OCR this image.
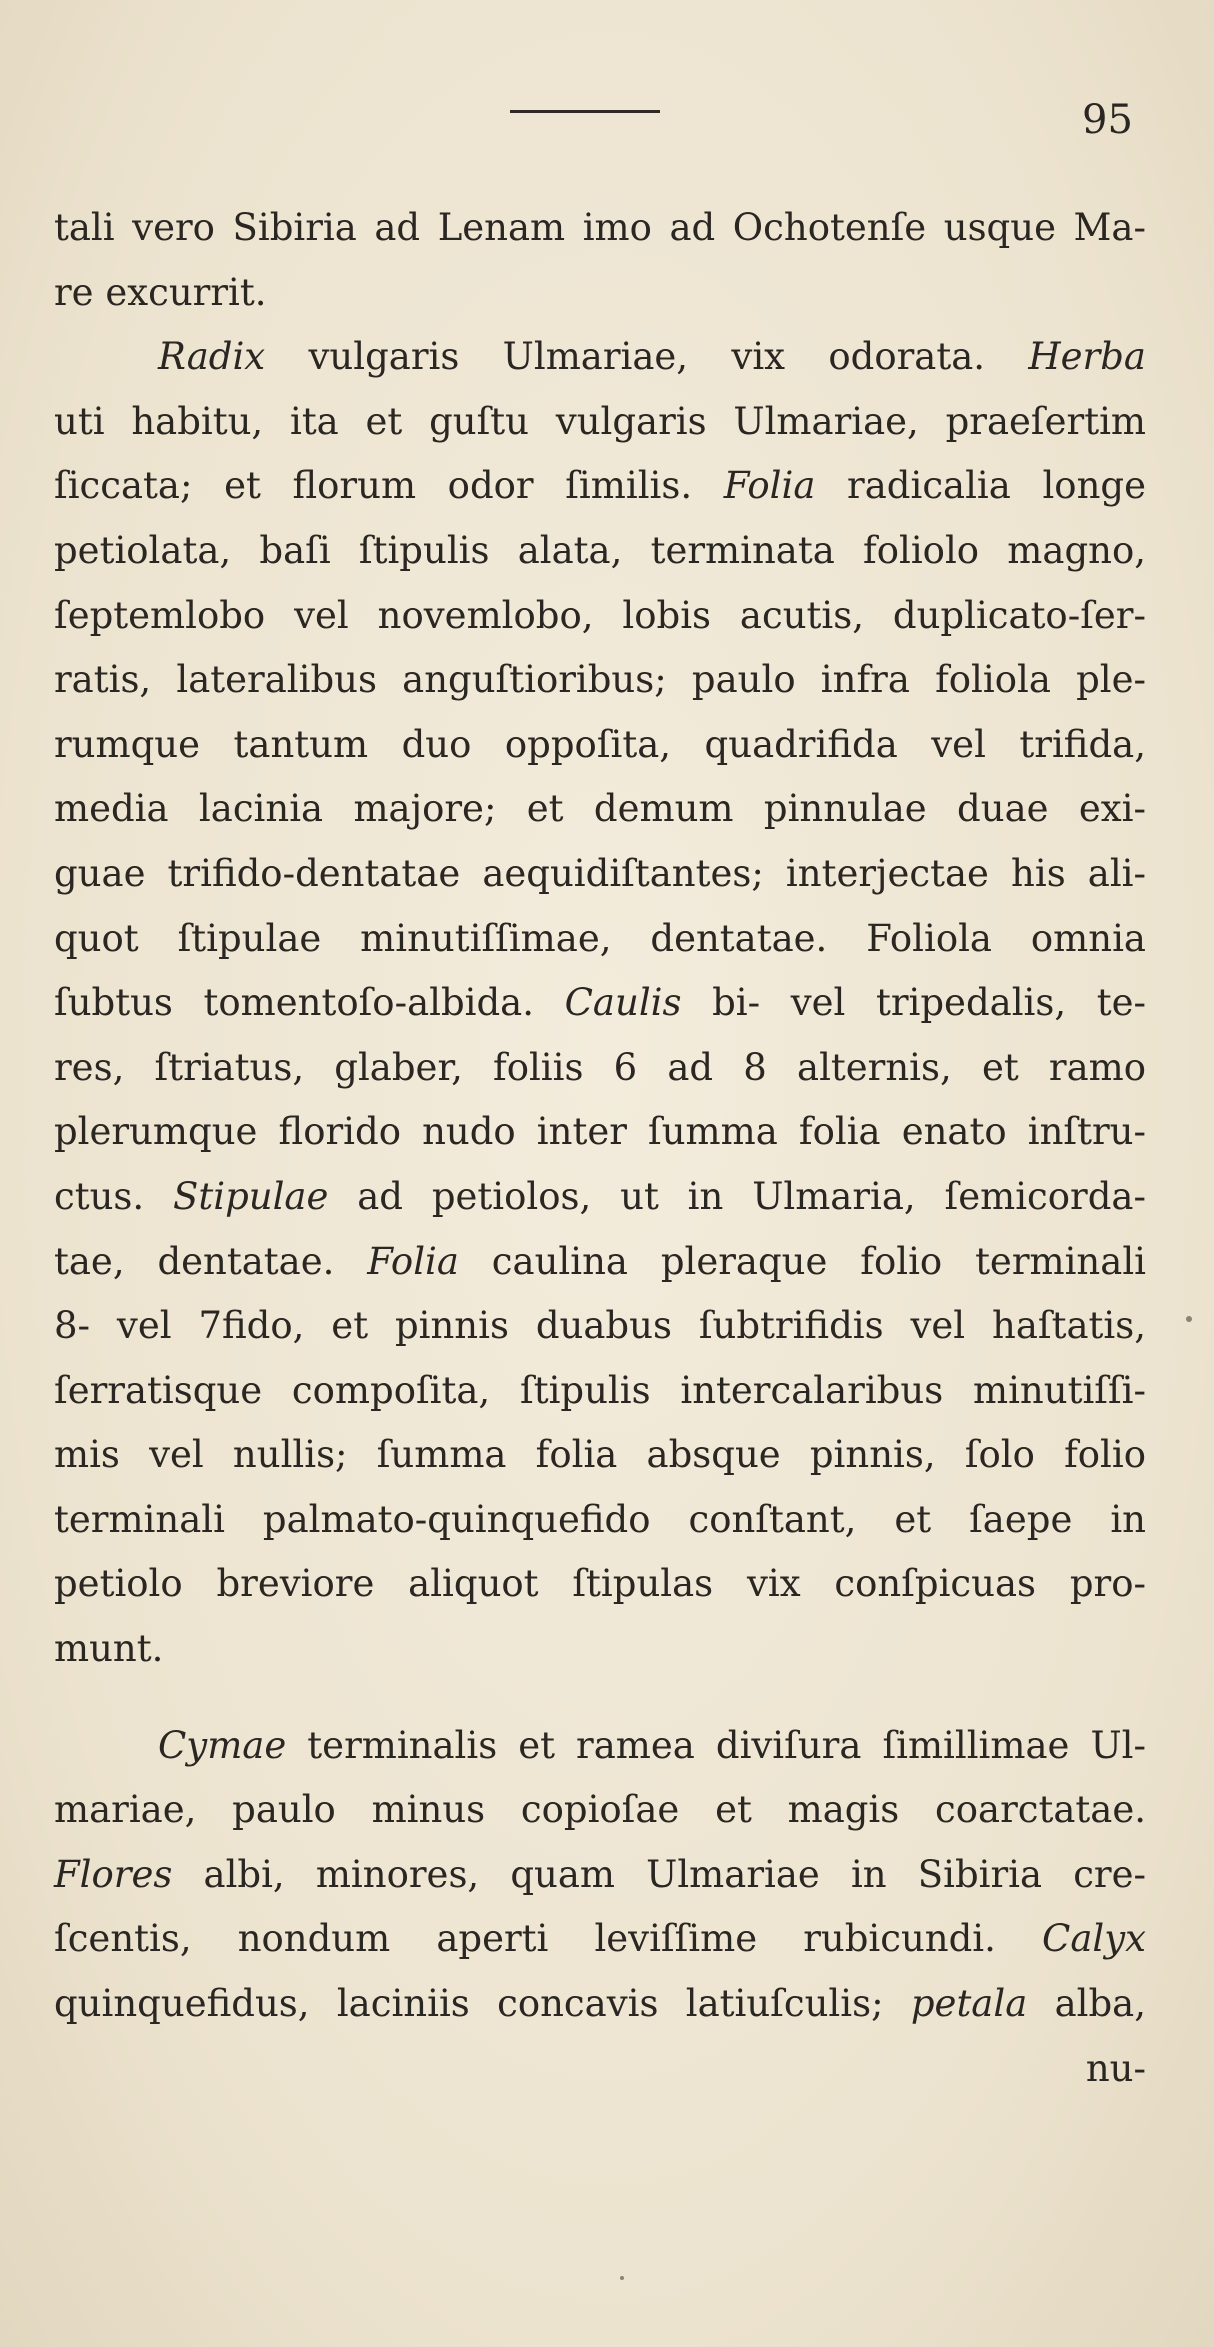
95
tali vero Sibiria ad Lenam imo ad Ochotenſe usque Ma-
re excurrit.
Radix vulgaris Ulmariae, vix odorata. Herba
uti habitu, ita et guſtu vulgaris Ulmariae, praeſertim
ſiccata; et florum odor ſimilis. Folia radicalia longe
petiolata, baſi ſtipulis alata, terminata foliolo magno,
ſeptemlobo vel novemlobo, lobis acutis, duplicato-ſer-
ratis, lateralibus anguſtioribus; paulo infra foliola ple-
rumque tantum duo oppoſita, quadrifida vel trifida,
media lacinia majore; et demum pinnulae duae exi-
guae trifido-dentatae aequidiſtantes; interjectae his ali-
quot ſtipulae minutiſſimae, dentatae. Foliola omnia
ſubtus tomentoſo-albida. Caulis bi- vel tripedalis, te-
res, ſtriatus, glaber, foliis 6 ad 8 alternis, et ramo
plerumque florido nudo inter ſumma folia enato inſtru-
ctus. Stipulae ad petiolos, ut in Ulmaria, ſemicorda-
tae, dentatae. Folia caulina pleraque folio terminali
8- vel 7fido, et pinnis duabus ſubtrifidis vel haſtatis,
ſerratisque compoſita, ſtipulis intercalaribus minutiſſi-
mis vel nullis; ſumma folia absque pinnis, ſolo folio
terminali palmato-quinquefido conſtant, et ſaepe in
petiolo breviore aliquot ſtipulas vix conſpicuas pro-
munt.
Cymae terminalis et ramea diviſura ſimillimae Ul-
mariae, paulo minus copioſae et magis coarctatae.
Flores albi, minores, quam Ulmariae in Sibiria cre-
ſcentis, nondum aperti leviſſime rubicundi. Calyx
quinquefidus, laciniis concavis latiuſculis; petala alba,
nu-
